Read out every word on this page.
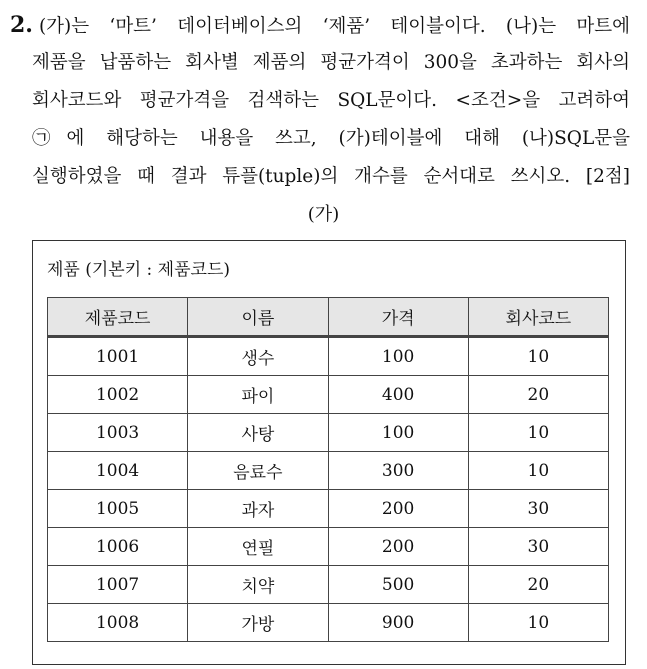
2. (가)는 ‘마트’ 데이터베이스의 ‘제품’ 테이블이다. (나)는 마트에
제품을 납품하는 회사별 제품의 평균가격이 300을 초과하는 회사의
회사코드와 평균가격을 검색하는 SQL문이다. <조건>을 고려하여
㉠에 해당하는 내용을 쓰고, (가)테이블에 대해 (나)SQL문을
실행하였을 때 결과 튜플(tuple)의 개수를 순서대로 쓰시오. [2점]
(가)
제품 (기본키 : 제품코드)
제품코드	이름	가격	회사코드
1001	생수	100	10
1002	파이	400	20
1003	사탕	100	10
1004	음료수	300	10
1005	과자	200	30
1006	연필	200	30
1007	치약	500	20
1008	가방	900	10
